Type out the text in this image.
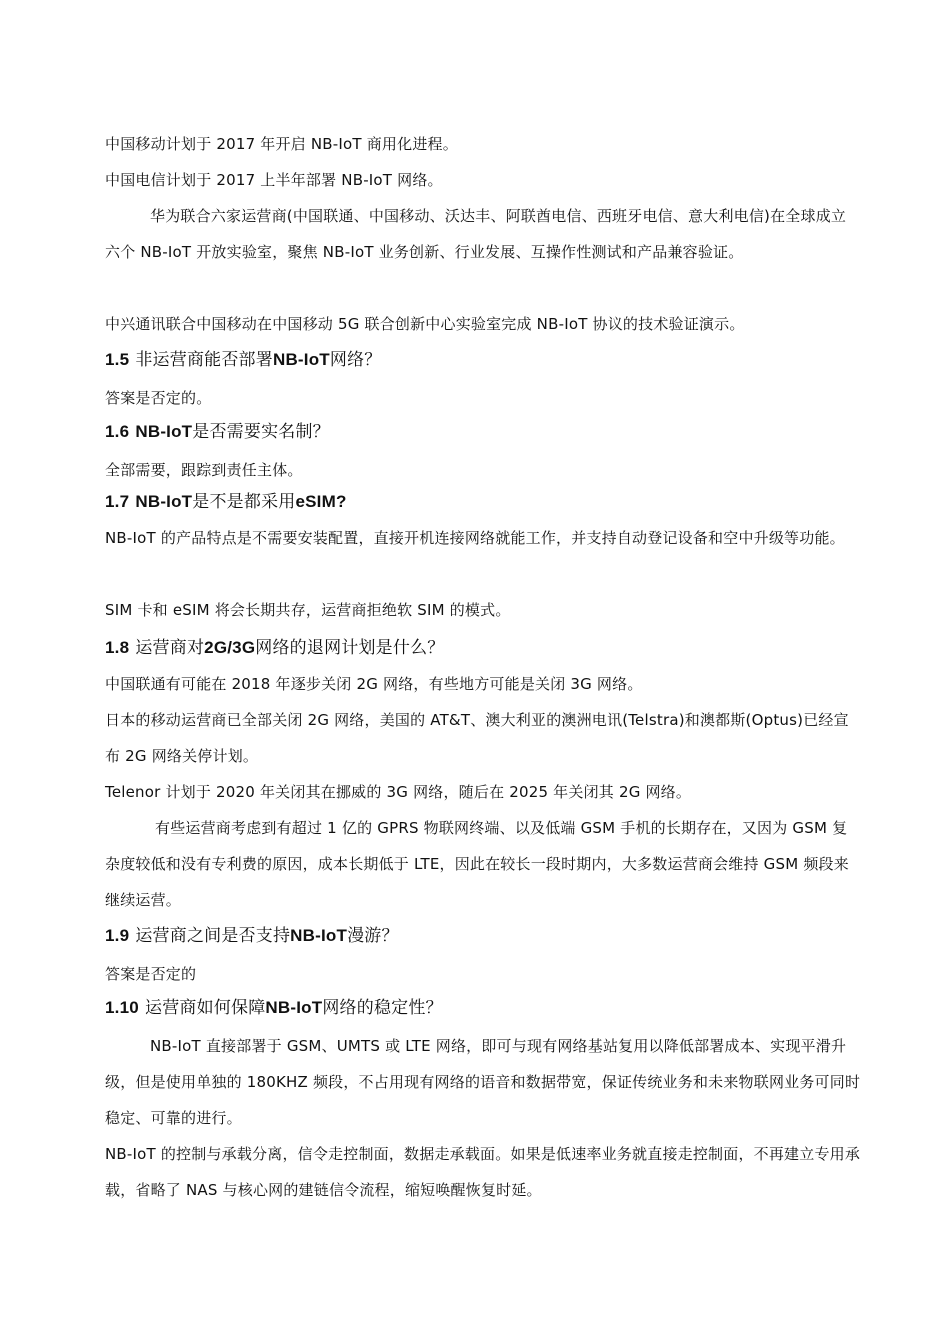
中国移动计划于 2017 年开启 NB-IoT 商用化进程。

中国电信计划于 2017 上半年部署 NB-IoT 网络。

华为联合六家运营商(中国联通、中国移动、沃达丰、阿联酋电信、西班牙电信、意大利电信)在全球成立六个 NB-IoT 开放实验室，聚焦 NB-IoT 业务创新、行业发展、互操作性测试和产品兼容验证。

中兴通讯联合中国移动在中国移动 5G 联合创新中心实验室完成 NB-IoT 协议的技术验证演示。

1.5 非运营商能否部署NB-IoT网络？

答案是否定的。

1.6 NB-IoT是否需要实名制？

全部需要，跟踪到责任主体。

1.7 NB-IoT是不是都采用eSIM?

NB-IoT 的产品特点是不需要安装配置，直接开机连接网络就能工作，并支持自动登记设备和空中升级等功能。

SIM 卡和 eSIM 将会长期共存，运营商拒绝软 SIM 的模式。

1.8 运营商对2G/3G网络的退网计划是什么？

中国联通有可能在 2018 年逐步关闭 2G 网络，有些地方可能是关闭 3G 网络。

日本的移动运营商已全部关闭 2G 网络，美国的 AT&T、澳大利亚的澳洲电讯(Telstra)和澳都斯(Optus)已经宣布 2G 网络关停计划。

Telenor 计划于 2020 年关闭其在挪威的 3G 网络，随后在 2025 年关闭其 2G 网络。

有些运营商考虑到有超过 1 亿的 GPRS 物联网终端、以及低端 GSM 手机的长期存在，又因为 GSM 复杂度较低和没有专利费的原因，成本长期低于 LTE，因此在较长一段时期内，大多数运营商会维持 GSM 频段来继续运营。

1.9 运营商之间是否支持NB-IoT漫游？

答案是否定的

1.10 运营商如何保障NB-IoT网络的稳定性？

NB-IoT 直接部署于 GSM、UMTS 或 LTE 网络，即可与现有网络基站复用以降低部署成本、实现平滑升级，但是使用单独的 180KHZ 频段，不占用现有网络的语音和数据带宽，保证传统业务和未来物联网业务可同时稳定、可靠的进行。

NB-IoT 的控制与承载分离，信令走控制面，数据走承载面。如果是低速率业务就直接走控制面，不再建立专用承载，省略了 NAS 与核心网的建链信令流程，缩短唤醒恢复时延。
